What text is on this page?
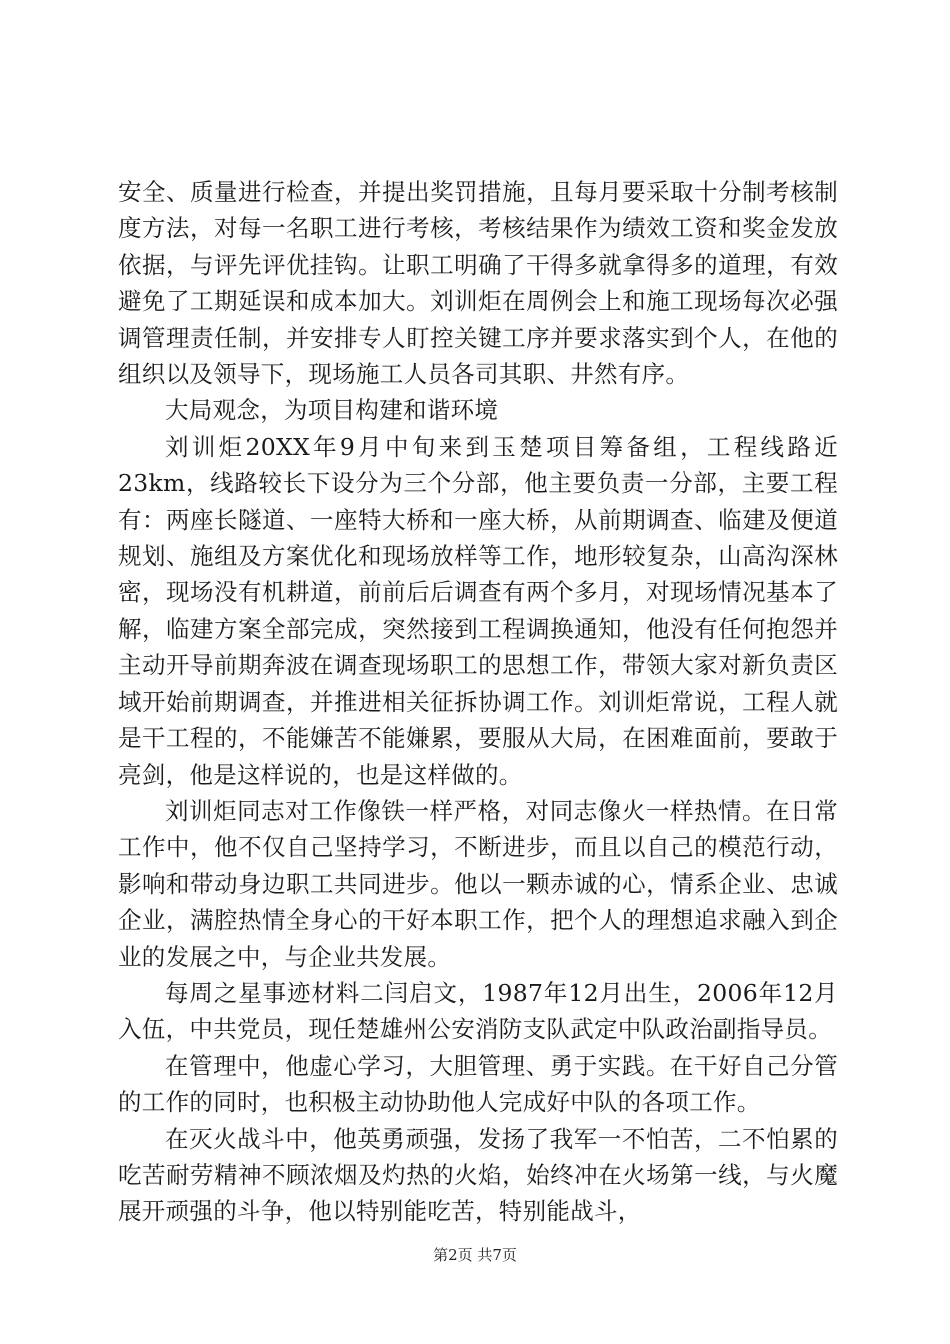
安全、质量进行检查，并提出奖罚措施，且每月要采取十分制考核制度方法，对每一名职工进行考核，考核结果作为绩效工资和奖金发放依据，与评先评优挂钩。让职工明确了干得多就拿得多的道理，有效避免了工期延误和成本加大。刘训炬在周例会上和施工现场每次必强调管理责任制，并安排专人盯控关键工序并要求落实到个人，在他的组织以及领导下，现场施工人员各司其职、井然有序。

大局观念，为项目构建和谐环境

刘训炬20XX年9月中旬来到玉楚项目筹备组，工程线路近23km，线路较长下设分为三个分部，他主要负责一分部，主要工程有：两座长隧道、一座特大桥和一座大桥，从前期调查、临建及便道规划、施组及方案优化和现场放样等工作，地形较复杂，山高沟深林密，现场没有机耕道，前前后后调查有两个多月，对现场情况基本了解，临建方案全部完成，突然接到工程调换通知，他没有任何抱怨并主动开导前期奔波在调查现场职工的思想工作，带领大家对新负责区域开始前期调查，并推进相关征拆协调工作。刘训炬常说，工程人就是干工程的，不能嫌苦不能嫌累，要服从大局，在困难面前，要敢于亮剑，他是这样说的，也是这样做的。

刘训炬同志对工作像铁一样严格，对同志像火一样热情。在日常工作中，他不仅自己坚持学习，不断进步，而且以自己的模范行动，影响和带动身边职工共同进步。他以一颗赤诚的心，情系企业、忠诚企业，满腔热情全身心的干好本职工作，把个人的理想追求融入到企业的发展之中，与企业共发展。

每周之星事迹材料二闫启文，1987年12月出生，2006年12月入伍，中共党员，现任楚雄州公安消防支队武定中队政治副指导员。

在管理中，他虚心学习，大胆管理、勇于实践。在干好自己分管的工作的同时，也积极主动协助他人完成好中队的各项工作。

在灭火战斗中，他英勇顽强，发扬了我军一不怕苦，二不怕累的吃苦耐劳精神不顾浓烟及灼热的火焰，始终冲在火场第一线，与火魔展开顽强的斗争，他以特别能吃苦，特别能战斗，

第2页 共7页
